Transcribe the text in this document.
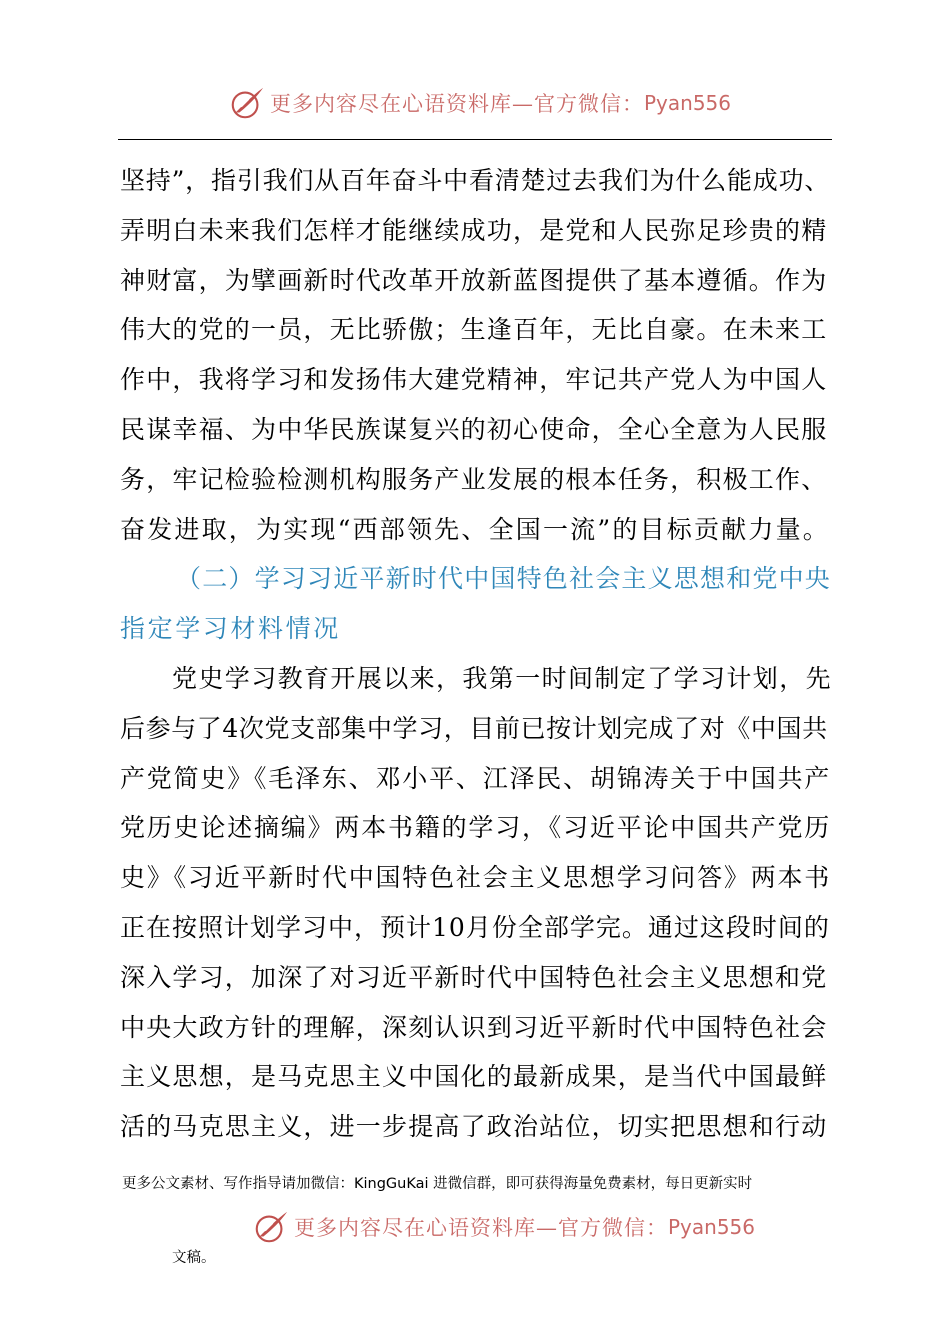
更多内容尽在心语资料库—官方微信： Pyan556

坚持”，指引我们从百年奋斗中看清楚过去我们为什么能成功、
弄明白未来我们怎样才能继续成功，是党和人民弥足珍贵的精
神财富，为擘画新时代改革开放新蓝图提供了基本遵循。作为
伟大的党的一员，无比骄傲；生逢百年，无比自豪。在未来工
作中，我将学习和发扬伟大建党精神，牢记共产党人为中国人
民谋幸福、为中华民族谋复兴的初心使命，全心全意为人民服
务，牢记检验检测机构服务产业发展的根本任务，积极工作、
奋发进取，为实现“西部领先、全国一流”的目标贡献力量。

（二）学习习近平新时代中国特色社会主义思想和党中央
指定学习材料情况

党史学习教育开展以来，我第一时间制定了学习计划，先
后参与了4次党支部集中学习，目前已按计划完成了对《中国共
产党简史》《毛泽东、邓小平、江泽民、胡锦涛关于中国共产
党历史论述摘编》两本书籍的学习，《习近平论中国共产党历
史》《习近平新时代中国特色社会主义思想学习问答》两本书
正在按照计划学习中，预计10月份全部学完。通过这段时间的
深入学习，加深了对习近平新时代中国特色社会主义思想和党
中央大政方针的理解，深刻认识到习近平新时代中国特色社会
主义思想，是马克思主义中国化的最新成果，是当代中国最鲜
活的马克思主义，进一步提高了政治站位，切实把思想和行动

更多公文素材、写作指导请加微信：KingGuKai 进微信群，即可获得海量免费素材，每日更新实时
更多内容尽在心语资料库—官方微信： Pyan556
文稿。
